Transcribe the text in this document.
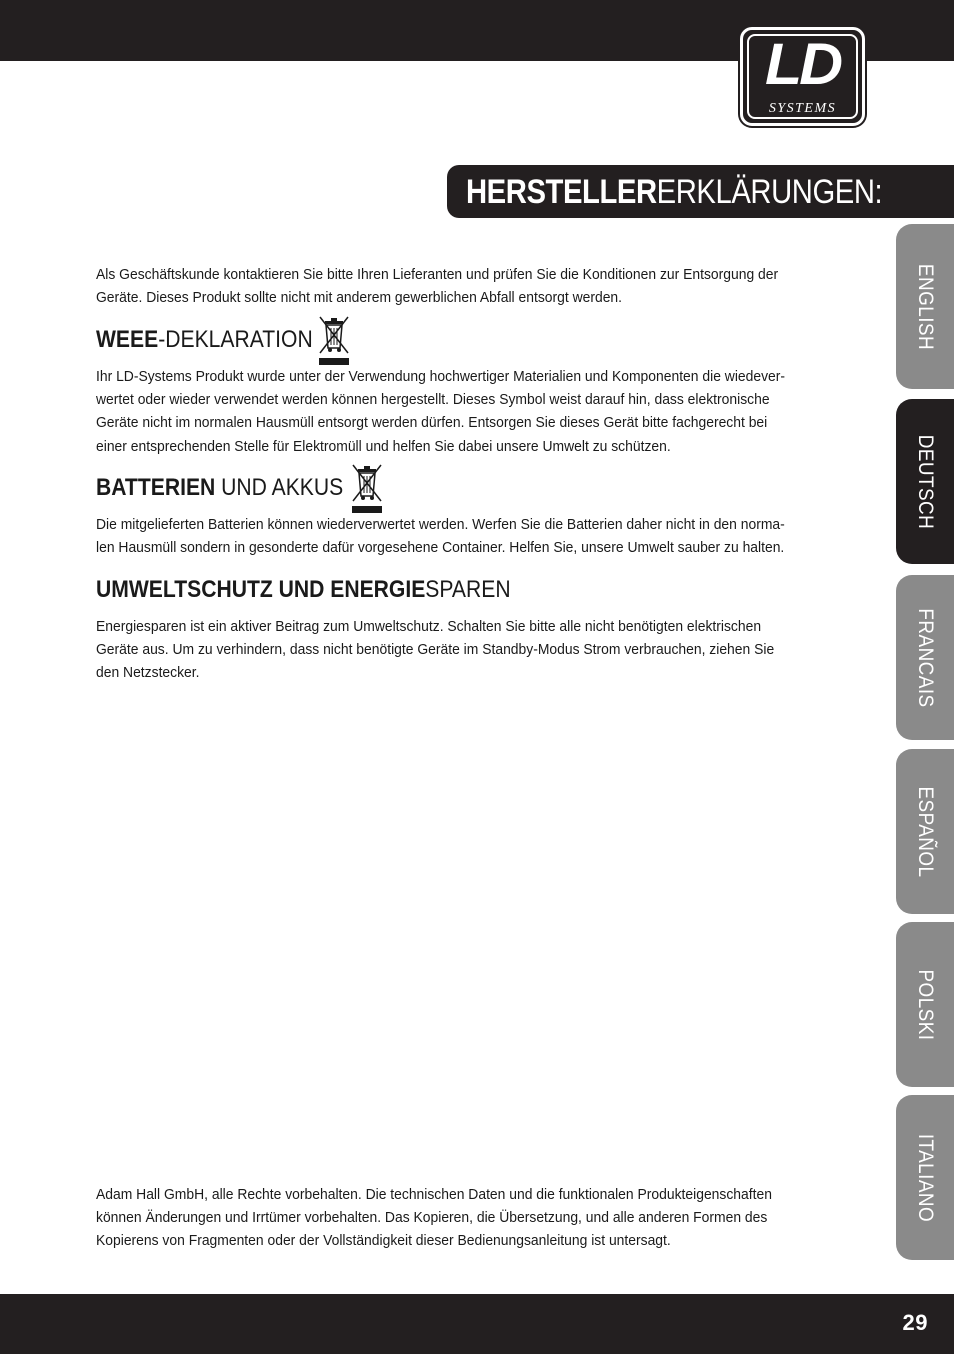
LD
SYSTEMS
HERSTELLERERKLÄRUNGEN:
Als Geschäftskunde kontaktieren Sie bitte Ihren Lieferanten und prüfen Sie die Konditionen zur Entsorgung der
Geräte. Dieses Produkt sollte nicht mit anderem gewerblichen Abfall entsorgt werden.
WEEE-DEKLARATION
Ihr LD-Systems Produkt wurde unter der Verwendung hochwertiger Materialien und Komponenten die wiedever-
wertet oder wieder verwendet werden können hergestellt. Dieses Symbol weist darauf hin, dass elektronische
Geräte nicht im normalen Hausmüll entsorgt werden dürfen. Entsorgen Sie dieses Gerät bitte fachgerecht bei
einer entsprechenden Stelle für Elektromüll und helfen Sie dabei unsere Umwelt zu schützen.
BATTERIEN UND AKKUS
Die mitgelieferten Batterien können wiederverwertet werden. Werfen Sie die Batterien daher nicht in den norma-
len Hausmüll sondern in gesonderte dafür vorgesehene Container. Helfen Sie, unsere Umwelt sauber zu halten.
UMWELTSCHUTZ UND ENERGIESPAREN
Energiesparen ist ein aktiver Beitrag zum Umweltschutz. Schalten Sie bitte alle nicht benötigten elektrischen
Geräte aus. Um zu verhindern, dass nicht benötigte Geräte im Standby-Modus Strom verbrauchen, ziehen Sie
den Netzstecker.
Adam Hall GmbH, alle Rechte vorbehalten. Die technischen Daten und die funktionalen Produkteigenschaften
können Änderungen und Irrtümer vorbehalten. Das Kopieren, die Übersetzung, und alle anderen Formen des
Kopierens von Fragmenten oder der Vollständigkeit dieser Bedienungsanleitung ist untersagt.
ENGLISH
DEUTSCH
FRANCAIS
ESPAÑOL
POLSKI
ITALIANO
29
